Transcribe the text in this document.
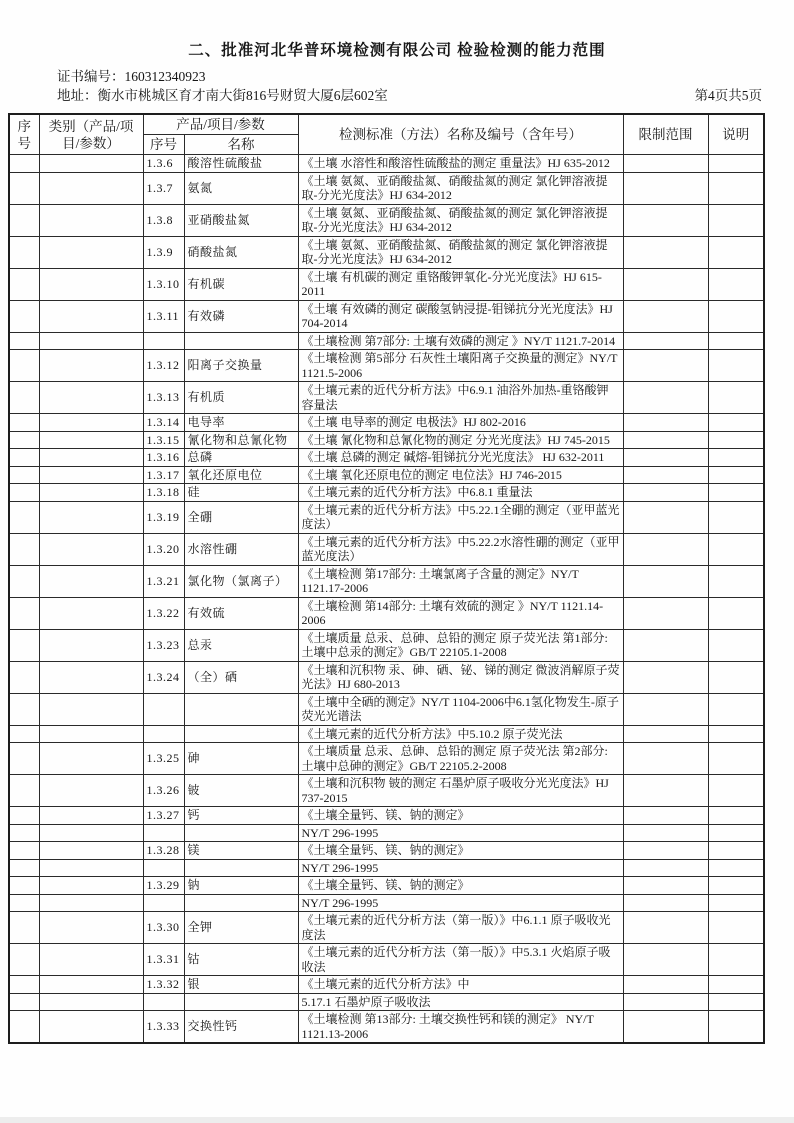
二、批准河北华普环境检测有限公司 检验检测的能力范围
证书编号：160312340923
地址：衡水市桃城区育才南大街816号财贸大厦6层602室	第4页共5页
序号	类别（产品/项目/参数）	产品/项目/参数		检测标准（方法）名称及编号（含年号）	限制范围	说明
		序号	名称			
		1.3.6	酸溶性硫酸盐	《土壤 水溶性和酸溶性硫酸盐的测定 重量法》HJ 635-2012		
		1.3.7	氨氮	《土壤 氨氮、亚硝酸盐氮、硝酸盐氮的测定 氯化钾溶液提取-分光光度法》HJ 634-2012		
		1.3.8	亚硝酸盐氮	《土壤 氨氮、亚硝酸盐氮、硝酸盐氮的测定 氯化钾溶液提取-分光光度法》HJ 634-2012		
		1.3.9	硝酸盐氮	《土壤 氨氮、亚硝酸盐氮、硝酸盐氮的测定 氯化钾溶液提取-分光光度法》HJ 634-2012		
		1.3.10	有机碳	《土壤 有机碳的测定 重铬酸钾氧化-分光光度法》HJ 615-2011		
		1.3.11	有效磷	《土壤 有效磷的测定 碳酸氢钠浸提-钼锑抗分光光度法》HJ 704-2014		
				《土壤检测 第7部分: 土壤有效磷的测定 》NY/T 1121.7-2014		
		1.3.12	阳离子交换量	《土壤检测 第5部分 石灰性土壤阳离子交换量的测定》NY/T 1121.5-2006		
		1.3.13	有机质	《土壤元素的近代分析方法》中6.9.1 油浴外加热-重铬酸钾容量法		
		1.3.14	电导率	《土壤 电导率的测定 电极法》HJ 802-2016		
		1.3.15	氰化物和总氰化物	《土壤 氰化物和总氰化物的测定 分光光度法》HJ 745-2015		
		1.3.16	总磷	《土壤 总磷的测定 碱熔-钼锑抗分光光度法》 HJ 632-2011		
		1.3.17	氧化还原电位	《土壤 氧化还原电位的测定 电位法》HJ 746-2015		
		1.3.18	硅	《土壤元素的近代分析方法》中6.8.1 重量法		
		1.3.19	全硼	《土壤元素的近代分析方法》中5.22.1全硼的测定（亚甲蓝光度法）		
		1.3.20	水溶性硼	《土壤元素的近代分析方法》中5.22.2水溶性硼的测定（亚甲蓝光度法）		
		1.3.21	氯化物（氯离子）	《土壤检测 第17部分: 土壤氯离子含量的测定》NY/T 1121.17-2006		
		1.3.22	有效硫	《土壤检测 第14部分: 土壤有效硫的测定 》NY/T 1121.14-2006		
		1.3.23	总汞	《土壤质量 总汞、总砷、总铅的测定 原子荧光法 第1部分: 土壤中总汞的测定》GB/T 22105.1-2008		
		1.3.24	（全）硒	《土壤和沉积物 汞、砷、硒、铋、锑的测定 微波消解原子荧光法》HJ 680-2013		
				《土壤中全硒的测定》NY/T 1104-2006中6.1氢化物发生-原子荧光光谱法		
				《土壤元素的近代分析方法》中5.10.2 原子荧光法		
		1.3.25	砷	《土壤质量 总汞、总砷、总铅的测定 原子荧光法 第2部分: 土壤中总砷的测定》GB/T 22105.2-2008		
		1.3.26	铍	《土壤和沉积物 铍的测定 石墨炉原子吸收分光光度法》HJ 737-2015		
		1.3.27	钙	《土壤全量钙、镁、钠的测定》		
				NY/T 296-1995		
		1.3.28	镁	《土壤全量钙、镁、钠的测定》		
				NY/T 296-1995		
		1.3.29	钠	《土壤全量钙、镁、钠的测定》		
				NY/T 296-1995		
		1.3.30	全钾	《土壤元素的近代分析方法（第一版）》中6.1.1 原子吸收光度法		
		1.3.31	钴	《土壤元素的近代分析方法（第一版）》中5.3.1 火焰原子吸收法		
		1.3.32	银	《土壤元素的近代分析方法》中		
				5.17.1 石墨炉原子吸收法		
		1.3.33	交换性钙	《土壤检测 第13部分: 土壤交换性钙和镁的测定》 NY/T 1121.13-2006		
